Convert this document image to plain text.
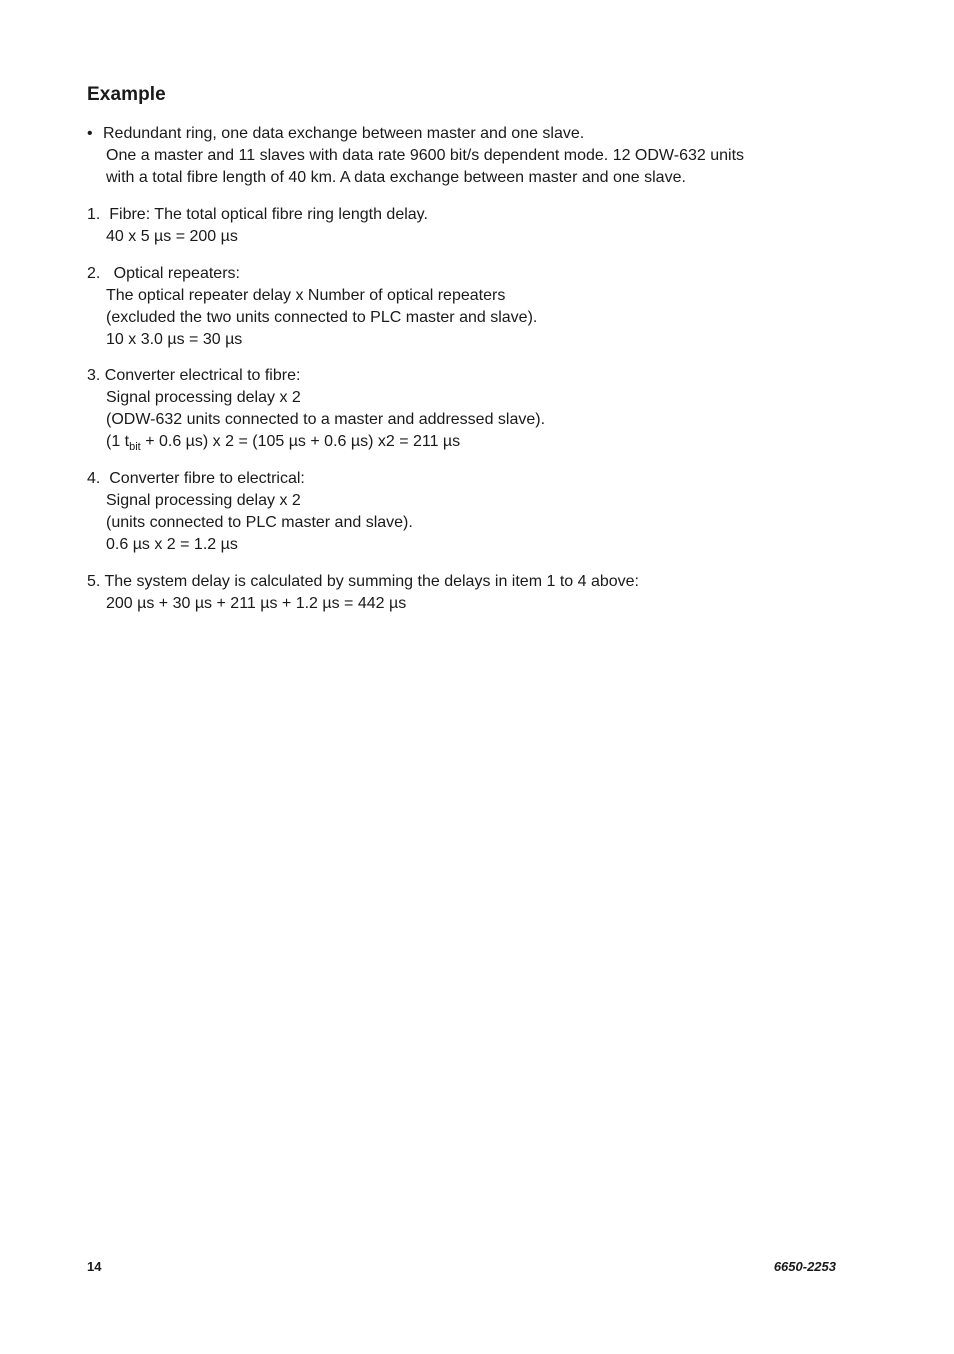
Example

• Redundant ring, one data exchange between master and one slave.

One a master and 11 slaves with data rate 9600 bit/s dependent mode. 12 ODW-632 units

with a total fibre length of 40 km. A data exchange between master and one slave.

1.  Fibre: The total optical fibre ring length delay.

40 x 5 µs = 200 µs

2.   Optical repeaters:

The optical repeater delay x Number of optical repeaters

(excluded the two units connected to PLC master and slave).

10 x 3.0 µs = 30 µs

3. Converter electrical to fibre:

Signal processing delay x 2

(ODW-632 units connected to a master and addressed slave).

(1 $t_{bit} + 0.6$ µs) x 2 = (105 µs + 0.6 µs) x2 = 211 µs

4.  Converter fibre to electrical:

Signal processing delay x 2

(units connected to PLC master and slave).

0.6 µs x 2 = 1.2 µs

5. The system delay is calculated by summing the delays in item 1 to 4 above:

200 µs + 30 µs + 211 µs + 1.2 µs = 442 µs

14	6650-2253
